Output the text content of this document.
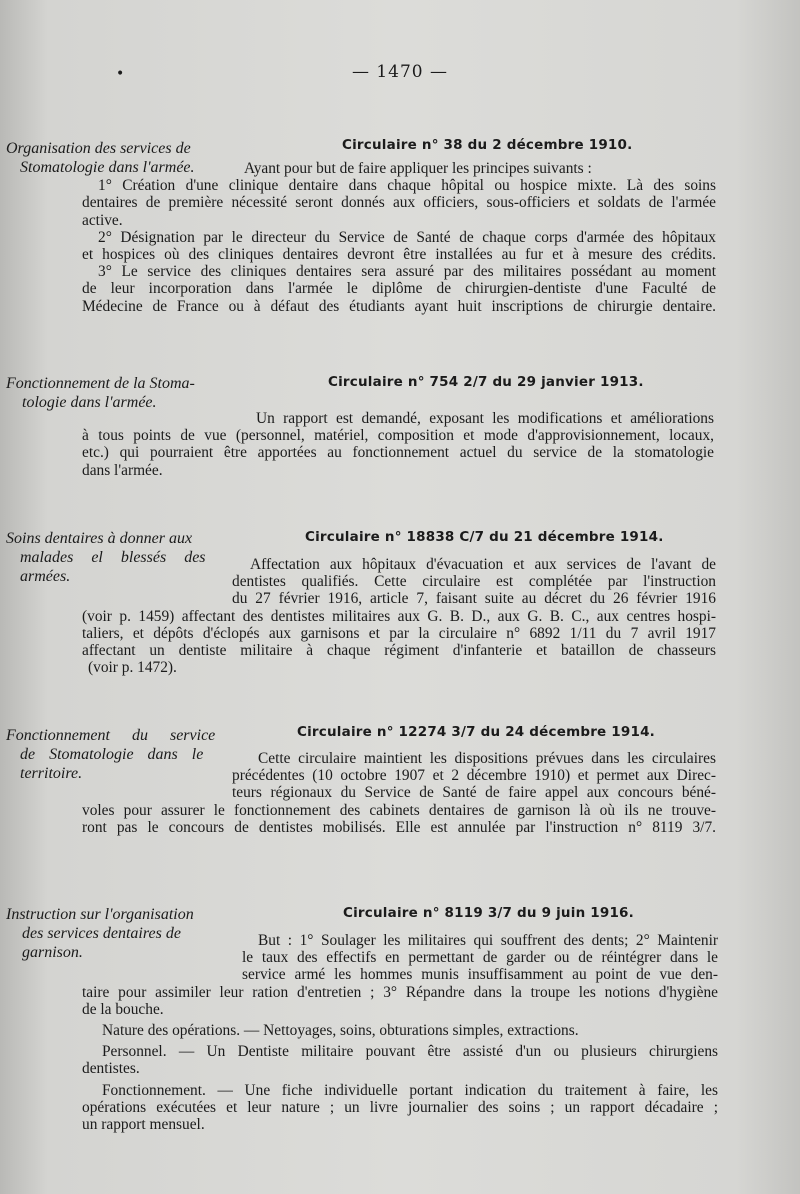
•	— 1470 —
Organisation des services de
Stomatologie dans l'armée.
Circulaire n° 38 du 2 décembre 1910.
Ayant pour but de faire appliquer les principes suivants :
1° Création d'une clinique dentaire dans chaque hôpital ou hospice mixte. Là des soins
dentaires de première nécessité seront donnés aux officiers, sous-officiers et soldats de l'armée
active.
2° Désignation par le directeur du Service de Santé de chaque corps d'armée des hôpitaux
et hospices où des cliniques dentaires devront être installées au fur et à mesure des crédits.
3° Le service des cliniques dentaires sera assuré par des militaires possédant au moment
de leur incorporation dans l'armée le diplôme de chirurgien-dentiste d'une Faculté de
Médecine de France ou à défaut des étudiants ayant huit inscriptions de chirurgie dentaire.
Fonctionnement de la Stoma-
tologie dans l'armée.
Circulaire n° 754 2/7 du 29 janvier 1913.
Un rapport est demandé, exposant les modifications et améliorations
à tous points de vue (personnel, matériel, composition et mode d'approvisionnement, locaux,
etc.) qui pourraient être apportées au fonctionnement actuel du service de la stomatologie
dans l'armée.
Soins dentaires à donner aux
malades el blessés des
armées.
Circulaire n° 18838 C/7 du 21 décembre 1914.
Affectation aux hôpitaux d'évacuation et aux services de l'avant de
dentistes qualifiés. Cette circulaire est complétée par l'instruction
du 27 février 1916, article 7, faisant suite au décret du 26 février 1916
(voir p. 1459) affectant des dentistes militaires aux G. B. D., aux G. B. C., aux centres hospi-
taliers, et dépôts d'éclopés aux garnisons et par la circulaire n° 6892 1/11 du 7 avril 1917
affectant un dentiste militaire à chaque régiment d'infanterie et bataillon de chasseurs
(voir p. 1472).
Fonctionnement du service
de Stomatologie dans le
territoire.
Circulaire n° 12274 3/7 du 24 décembre 1914.
Cette circulaire maintient les dispositions prévues dans les circulaires
précédentes (10 octobre 1907 et 2 décembre 1910) et permet aux Direc-
teurs régionaux du Service de Santé de faire appel aux concours béné-
voles pour assurer le fonctionnement des cabinets dentaires de garnison là où ils ne trouve-
ront pas le concours de dentistes mobilisés. Elle est annulée par l'instruction n° 8119 3/7.
Instruction sur l'organisation
des services dentaires de
garnison.
Circulaire n° 8119 3/7 du 9 juin 1916.
But : 1° Soulager les militaires qui souffrent des dents; 2° Maintenir
le taux des effectifs en permettant de garder ou de réintégrer dans le
service armé les hommes munis insuffisamment au point de vue den-
taire pour assimiler leur ration d'entretien ; 3° Répandre dans la troupe les notions d'hygiène
de la bouche.
Nature des opérations. — Nettoyages, soins, obturations simples, extractions.
Personnel. — Un Dentiste militaire pouvant être assisté d'un ou plusieurs chirurgiens
dentistes.
Fonctionnement. — Une fiche individuelle portant indication du traitement à faire, les
opérations exécutées et leur nature ; un livre journalier des soins ; un rapport décadaire ;
un rapport mensuel.
